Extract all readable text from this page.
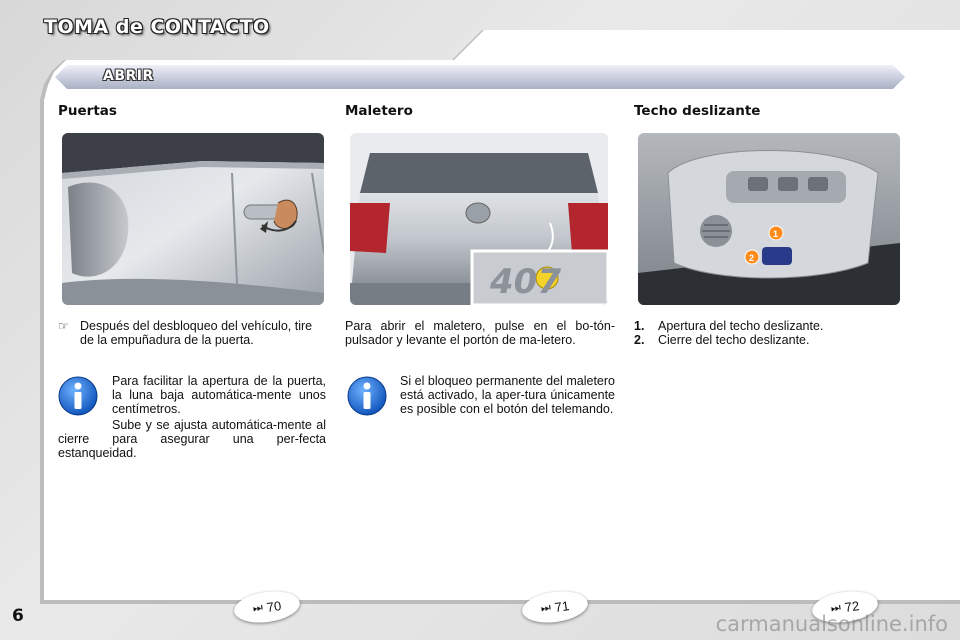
TOMA de CONTACTO
ABRIR
Puertas	Maletero	Techo deslizante
407
1
2
☞ Después del desbloqueo del vehículo, tire de la empuñadura de la puerta.
Para facilitar la apertura de la puerta, la luna baja automática-mente unos centímetros.
Sube y se ajusta automática-mente al cierre para asegurar una per-fecta estanqueidad.
Para abrir el maletero, pulse en el bo-tón-pulsador y levante el portón de ma-letero.
Si el bloqueo permanente del maletero está activado, la aper-tura únicamente es posible con el botón del telemando.
1.	Apertura del techo deslizante.
2.	Cierre del techo deslizante.
6	⏭ 70	⏭ 71	⏭ 72
carmanualsonline.info
